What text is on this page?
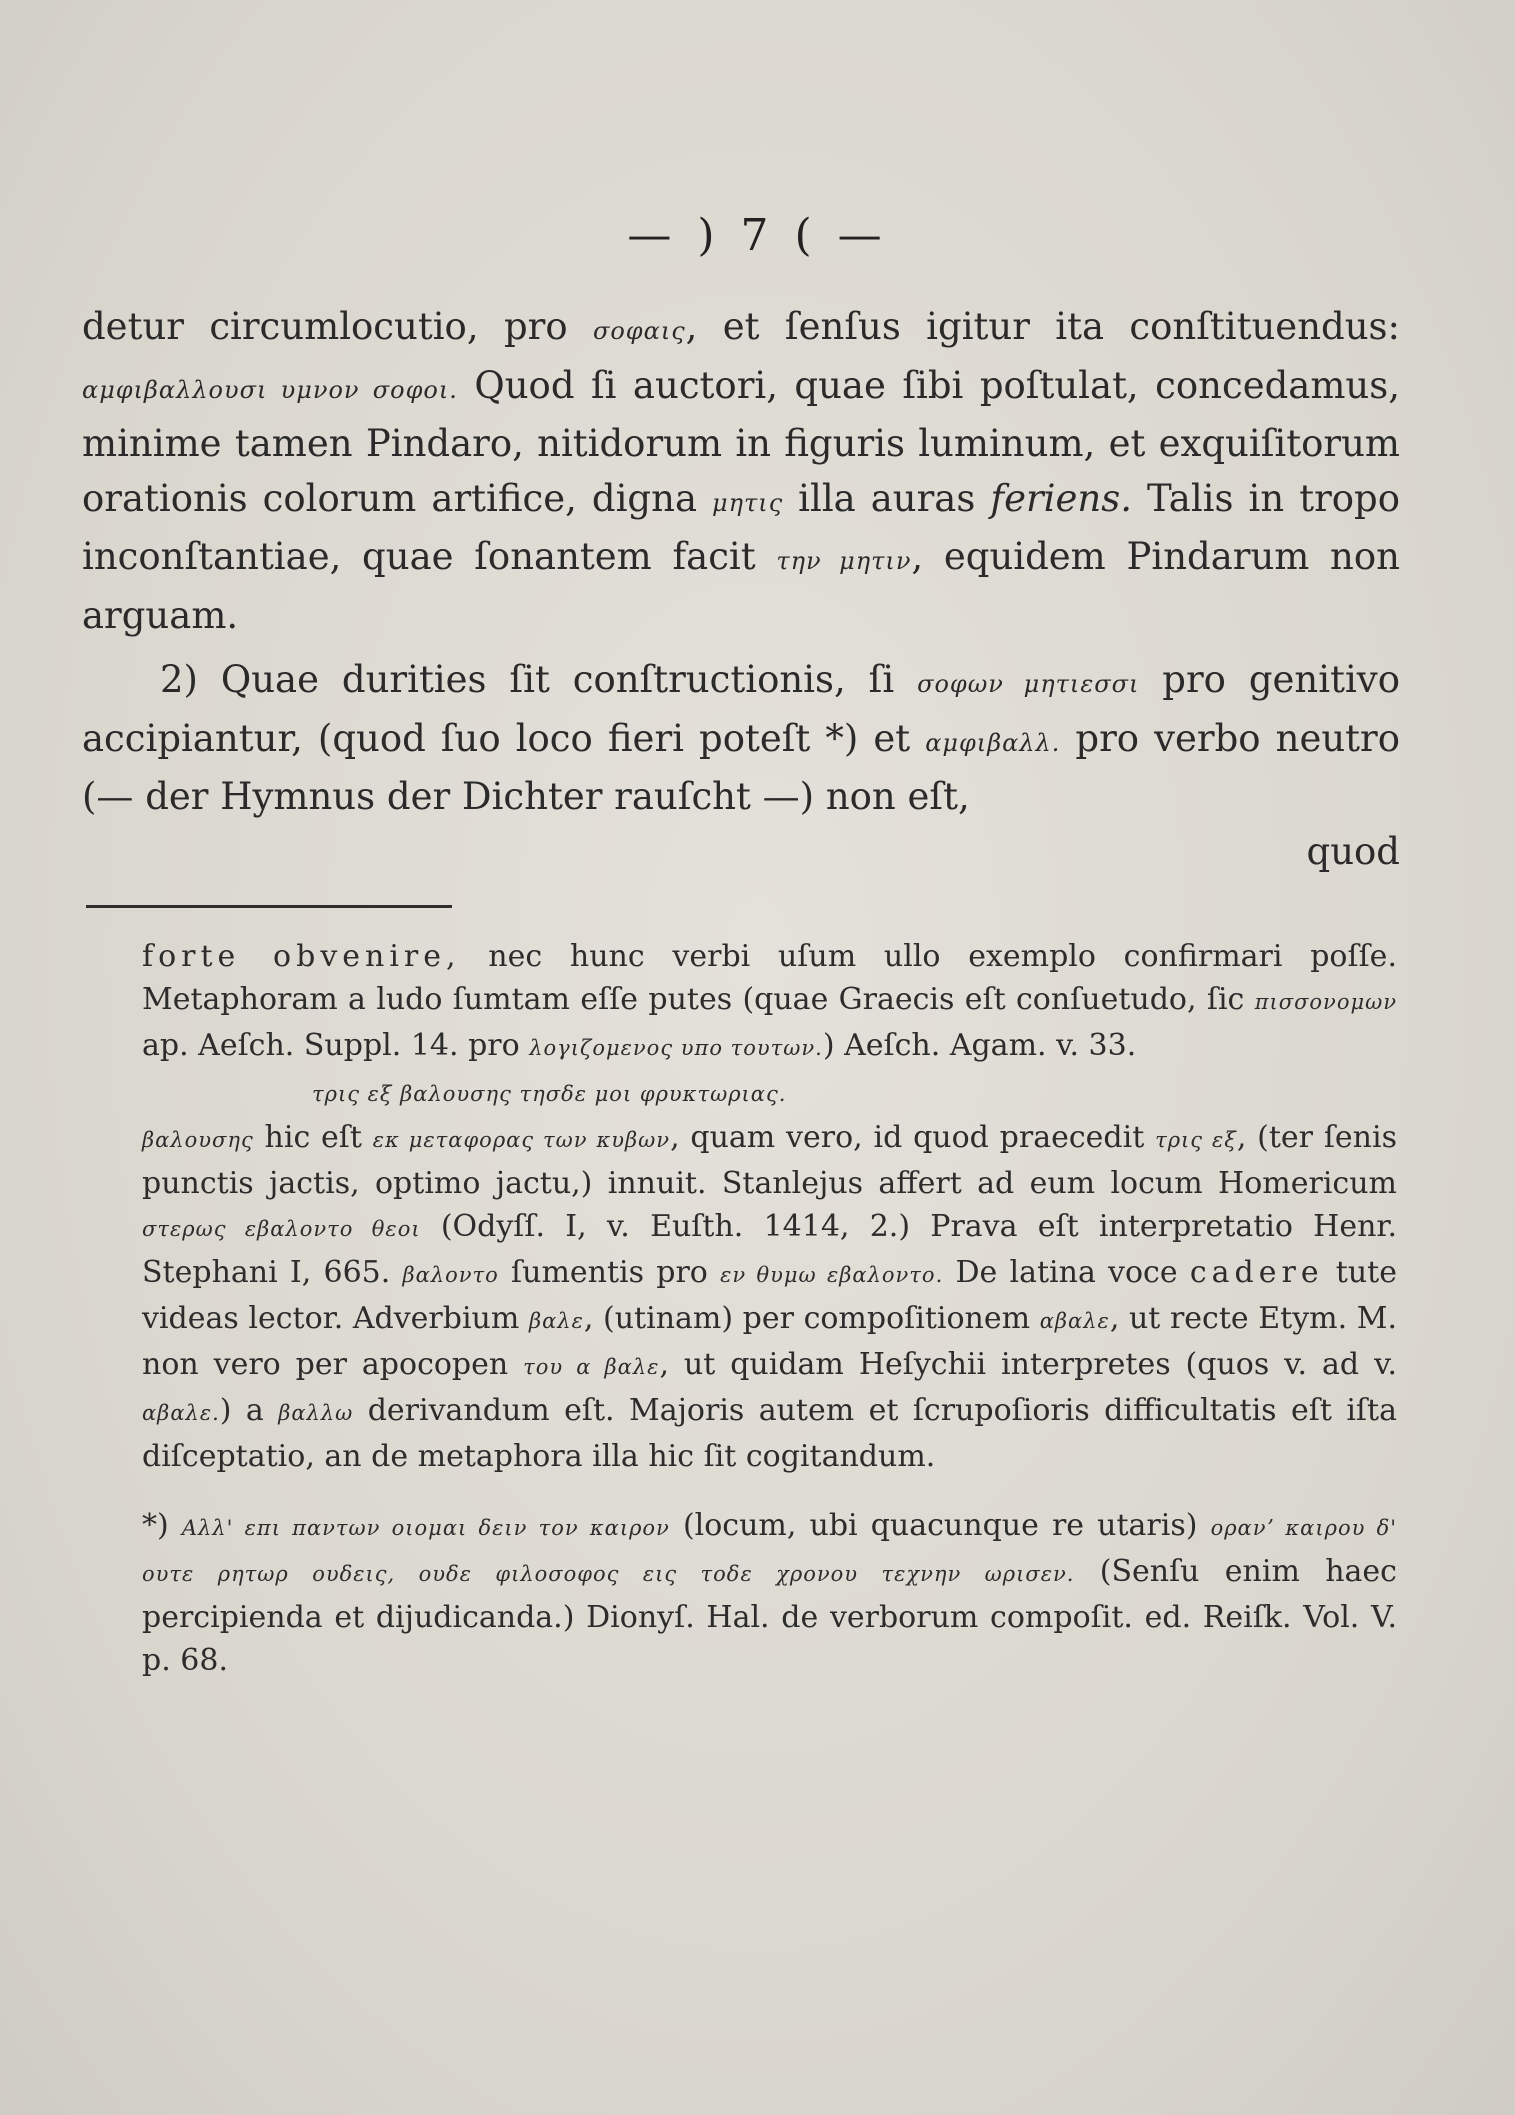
— ) 7 ( —

detur circumlocutio, pro σοφαις, et ſenſus igitur ita conſtituendus: αμφιβαλλουσι υμνον σοφοι. Quod ſi auctori, quae ſibi poſtulat, concedamus, minime tamen Pindaro, nitidorum in figuris luminum, et exquiſitorum orationis colorum artifice, digna μητις illa auras feriens. Talis in tropo inconſtantiae, quae ſonantem facit την μητιν, equidem Pindarum non arguam.

2) Quae durities ſit conſtructionis, ſi σοφων μητιεσσι pro genitivo accipiantur, (quod ſuo loco fieri poteſt *) et αμφιβαλλ. pro verbo neutro (— der Hymnus der Dichter rauſcht —) non eſt,

quod

forte obvenire, nec hunc verbi uſum ullo exemplo confirmari poſſe. Metaphoram a ludo ſumtam eſſe putes (quae Graecis eſt conſuetudo, ſic πισσονομων ap. Aeſch. Suppl. 14. pro λογιζομενος υπο τουτων.) Aeſch. Agam. v. 33.

τρις εξ βαλουσης τησδε μοι φρυκτωριας.

βαλουσης hic eſt εκ μεταφορας των κυβων, quam vero, id quod praecedit τρις εξ, (ter ſenis punctis jactis, optimo jactu,) innuit. Stanlejus affert ad eum locum Homericum στερως εβαλοντο θεοι (Odyſſ. I, v. Euſth. 1414, 2.) Prava eſt interpretatio Henr. Stephani I, 665. βαλοντο ſumentis pro εν θυμω εβαλοντο. De latina voce cadere tute videas lector. Adverbium βαλε, (utinam) per compoſitionem αβαλε, ut recte Etym. M. non vero per apocopen του α βαλε, ut quidam Heſychii interpretes (quos v. ad v. αβαλε.) a βαλλω derivandum eſt. Majoris autem et ſcrupoſioris difficultatis eſt iſta diſceptatio, an de metaphora illa hic ſit cogitandum.

*) Αλλ' επι παντων οιομαι δειν τον καιρον (locum, ubi quacunque re utaris) ορανʼ καιρου δ' ουτε ρητωρ ουδεις, ουδε φιλοσοφος εις τοδε χρονου τεχνην ωρισεν. (Senſu enim haec percipienda et dijudicanda.) Dionyſ. Hal. de verborum compoſit. ed. Reiſk. Vol. V. p. 68.
